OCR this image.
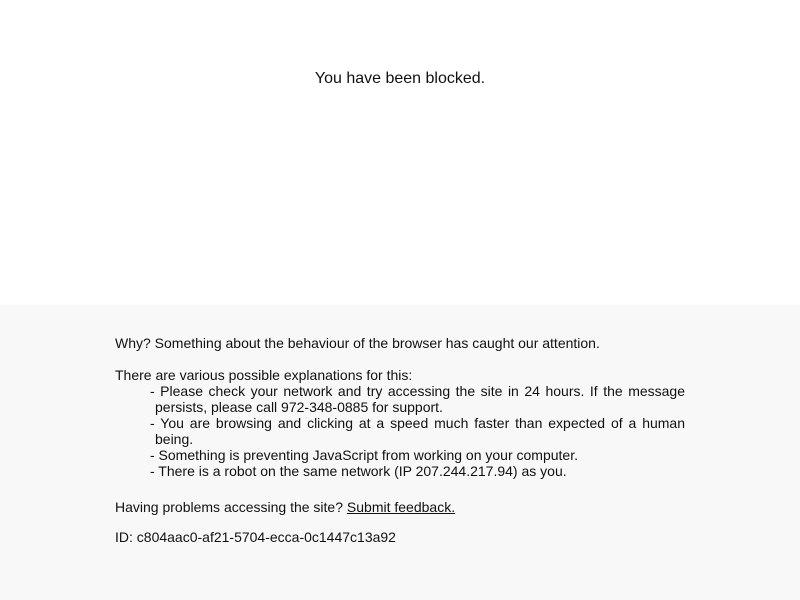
You have been blocked.

Why? Something about the behaviour of the browser has caught our attention.

There are various possible explanations for this:

- Please check your network and try accessing the site in 24 hours. If the message persists, please call 972-348-0885 for support.
- You are browsing and clicking at a speed much faster than expected of a human being.
- Something is preventing JavaScript from working on your computer.
- There is a robot on the same network (IP 207.244.217.94) as you.

Having problems accessing the site? Submit feedback.

ID: c804aac0-af21-5704-ecca-0c1447c13a92
